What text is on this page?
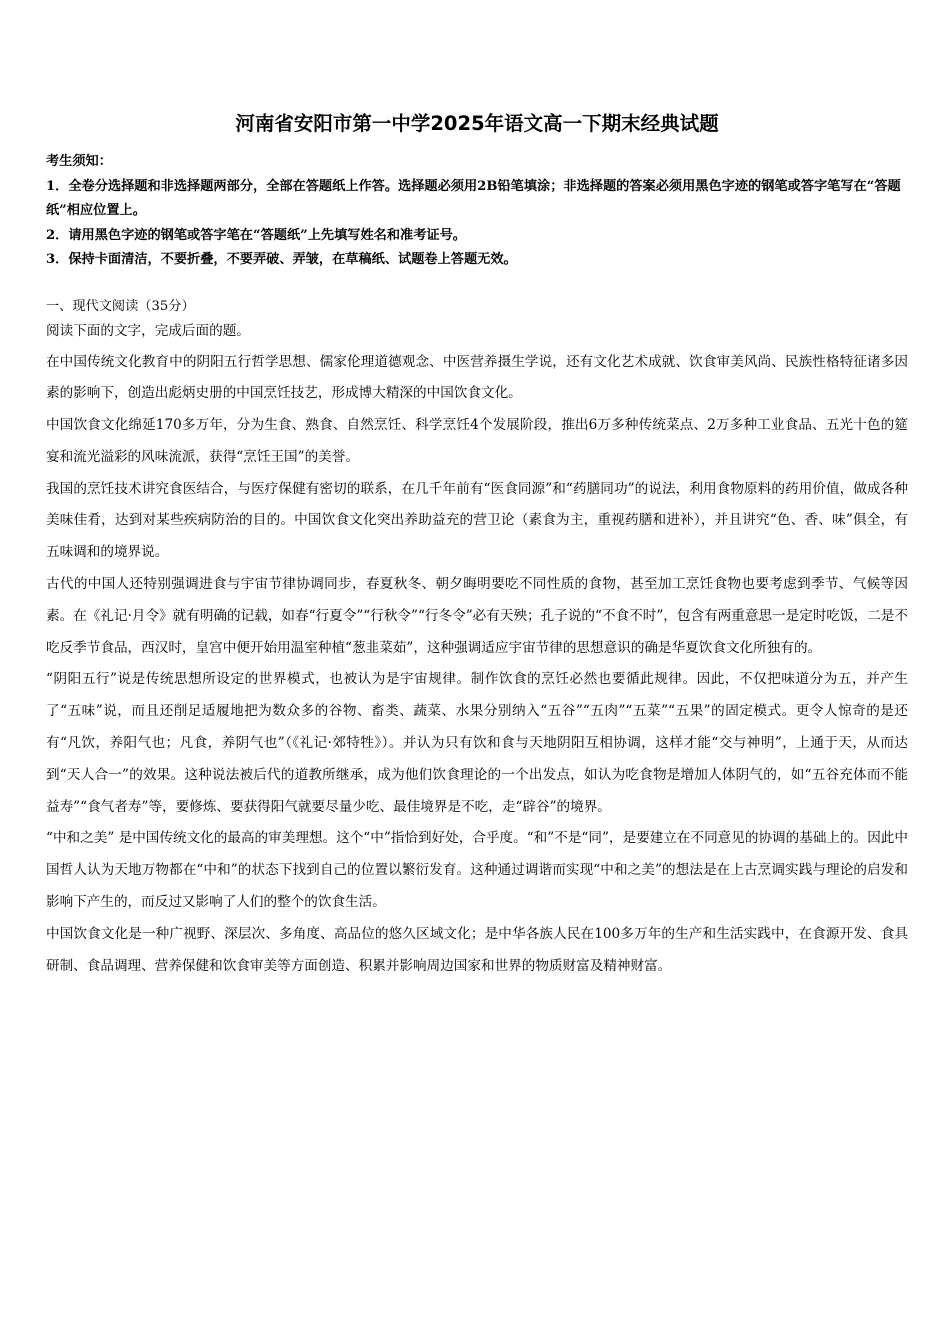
河南省安阳市第一中学2025年语文高一下期末经典试题

考生须知：

1．全卷分选择题和非选择题两部分，全部在答题纸上作答。选择题必须用2B铅笔填涂；非选择题的答案必须用黑色字迹的钢笔或答字笔写在“答题纸”相应位置上。

2．请用黑色字迹的钢笔或答字笔在“答题纸”上先填写姓名和准考证号。

3．保持卡面清洁，不要折叠，不要弄破、弄皱，在草稿纸、试题卷上答题无效。

一、现代文阅读（35分）

阅读下面的文字，完成后面的题。

在中国传统文化教育中的阴阳五行哲学思想、儒家伦理道德观念、中医营养摄生学说，还有文化艺术成就、饮食审美风尚、民族性格特征诸多因素的影响下，创造出彪炳史册的中国烹饪技艺，形成博大精深的中国饮食文化。

中国饮食文化绵延170多万年，分为生食、熟食、自然烹饪、科学烹饪4个发展阶段，推出6万多种传统菜点、2万多种工业食品、五光十色的筵宴和流光溢彩的风味流派，获得“烹饪王国”的美誉。

我国的烹饪技术讲究食医结合，与医疗保健有密切的联系，在几千年前有“医食同源”和“药膳同功”的说法，利用食物原料的药用价值，做成各种美味佳肴，达到对某些疾病防治的目的。中国饮食文化突出养助益充的营卫论（素食为主，重视药膳和进补），并且讲究“色、香、味”俱全，有五味调和的境界说。

古代的中国人还特别强调进食与宇宙节律协调同步，春夏秋冬、朝夕晦明要吃不同性质的食物，甚至加工烹饪食物也要考虑到季节、气候等因素。在《礼记·月令》就有明确的记载，如春“行夏令”“行秋令”“行冬令”必有天殃；孔子说的“不食不时”，包含有两重意思一是定时吃饭，二是不吃反季节食品，西汉时，皇宫中便开始用温室种植“葱韭菜茹”，这种强调适应宇宙节律的思想意识的确是华夏饮食文化所独有的。

“阴阳五行”说是传统思想所设定的世界模式，也被认为是宇宙规律。制作饮食的烹饪必然也要循此规律。因此，不仅把味道分为五，并产生了“五味”说，而且还削足适履地把为数众多的谷物、畜类、蔬菜、水果分别纳入“五谷”“五肉”“五菜”“五果”的固定模式。更令人惊奇的是还有“凡饮，养阳气也；凡食，养阴气也”（《礼记·郊特牲》）。并认为只有饮和食与天地阴阳互相协调，这样才能“交与神明”，上通于天，从而达到“天人合一”的效果。这种说法被后代的道教所继承，成为他们饮食理论的一个出发点，如认为吃食物是增加人体阴气的，如“五谷充体而不能益寿”“食气者寿”等，要修炼、要获得阳气就要尽量少吃、最佳境界是不吃，走“辟谷”的境界。

“中和之美” 是中国传统文化的最高的审美理想。这个“中”指恰到好处，合乎度。“和”不是“同”，是要建立在不同意见的协调的基础上的。因此中国哲人认为天地万物都在“中和”的状态下找到自己的位置以繁衍发育。这种通过调谐而实现“中和之美”的想法是在上古烹调实践与理论的启发和影响下产生的，而反过又影响了人们的整个的饮食生活。

中国饮食文化是一种广视野、深层次、多角度、高品位的悠久区域文化；是中华各族人民在100多万年的生产和生活实践中，在食源开发、食具研制、食品调理、营养保健和饮食审美等方面创造、积累并影响周边国家和世界的物质财富及精神财富。
